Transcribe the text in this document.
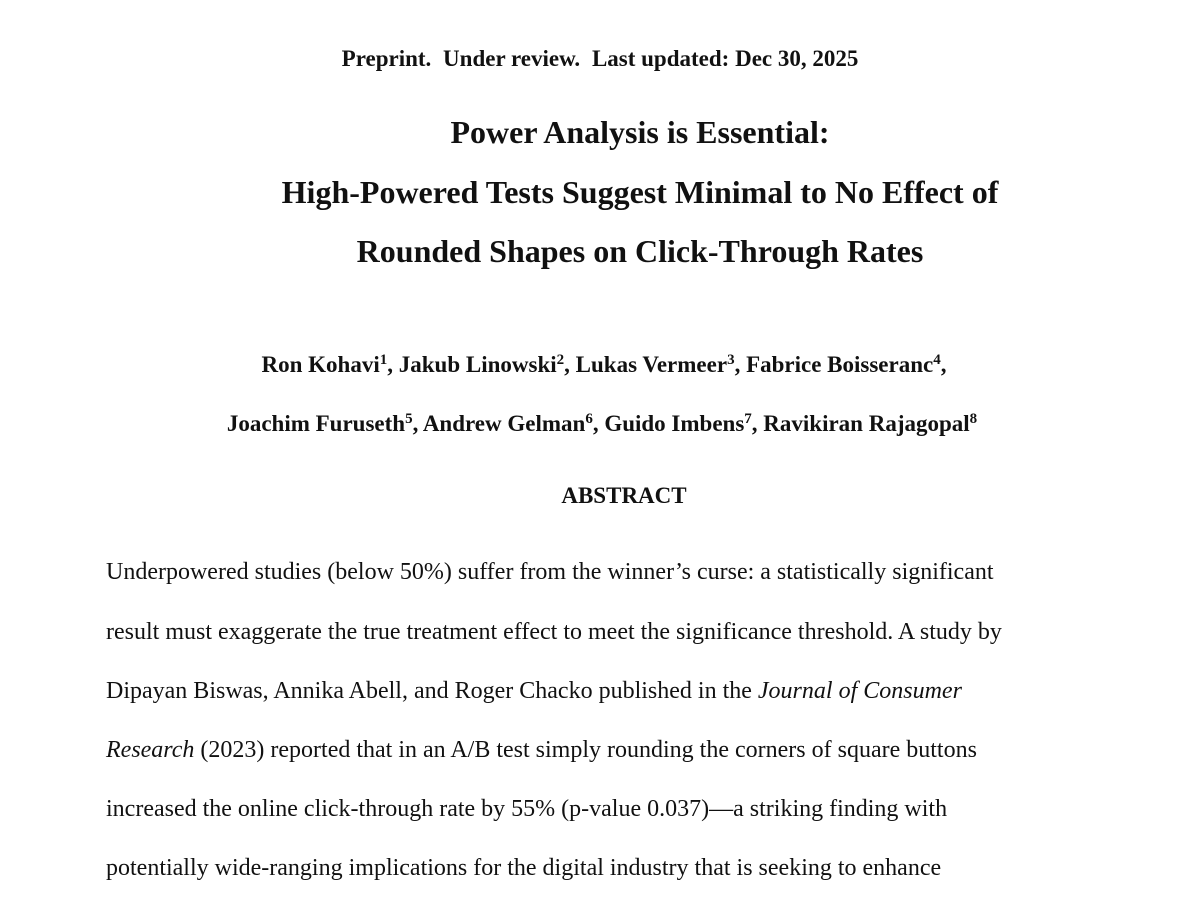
Preprint. Under review. Last updated: Dec 30, 2025
Power Analysis is Essential:
High-Powered Tests Suggest Minimal to No Effect of
Rounded Shapes on Click-Through Rates
Ron Kohavi$^1$, Jakub Linowski$^2$, Lukas Vermeer$^3$, Fabrice Boisseranc$^4$,
Joachim Furuseth$^5$, Andrew Gelman$^6$, Guido Imbens$^7$, Ravikiran Rajagopal$^8$
ABSTRACT
Underpowered studies (below 50%) suffer from the winner’s curse: a statistically significant
result must exaggerate the true treatment effect to meet the significance threshold. A study by
Dipayan Biswas, Annika Abell, and Roger Chacko published in the Journal of Consumer
Research (2023) reported that in an A/B test simply rounding the corners of square buttons
increased the online click-through rate by 55% (p-value 0.037)—a striking finding with
potentially wide-ranging implications for the digital industry that is seeking to enhance
